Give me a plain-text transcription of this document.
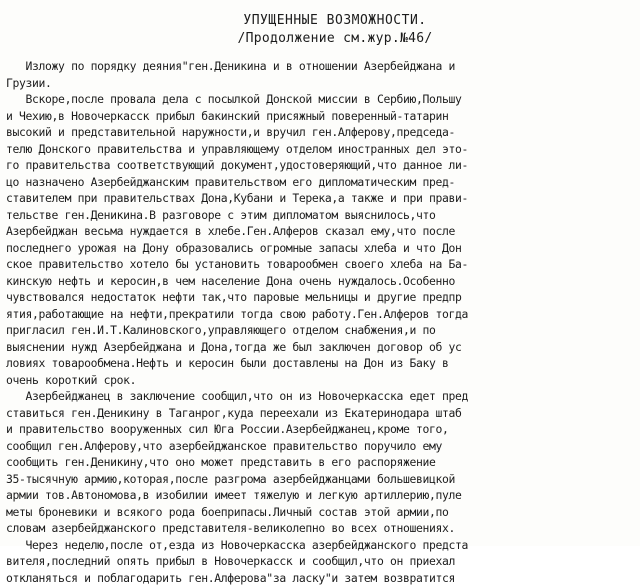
УПУЩЕННЫЕ ВОЗМОЖНОСТИ.
/Продолжение см.жур.№46/
Изложу по порядку деяния"ген.Деникина и в отношении Азербейджана и
Грузии.
Вскоре,после провала дела с посылкой Донской миссии в Сербию,Польшу
и Чехию,в Новочеркасск прибыл бакинский присяжный поверенный-татарин
высокий и представительной наружности,и вручил ген.Алферову,председа-
телю Донского правительства и управляющему отделом иностранных дел это-
го правительства соответствующий документ,удостоверяющий,что данное ли-
цо назначено Азербейджанским правительством его дипломатическим пред-
ставителем при правительствах Дона,Кубани и Терека,а также и при прави-
тельстве ген.Деникина.В разговоре с этим дипломатом выяснилось,что
Азербейджан весьма нуждается в хлебе.Ген.Алферов сказал ему,что после
последнего урожая на Дону образовались огромные запасы хлеба и что Дон
ское правительство хотело бы установить товарообмен своего хлеба на Ба-
кинскую нефть и керосин,в чем население Дона очень нуждалось.Особенно
чувствовался недостаток нефти так,что паровые мельницы и другие предпр
ятия,работающие на нефти,прекратили тогда свою работу.Ген.Алферов тогда
пригласил ген.И.Т.Калиновского,управляющего отделом снабжения,и по
выяснении нужд Азербейджана и Дона,тогда же был заключен договор об ус
ловиях товарообмена.Нефть и керосин были доставлены на Дон из Баку в
очень короткий срок.
Азербейджанец в заключение сообщил,что он из Новочеркасска едет пред
ставиться ген.Деникину в Таганрог,куда переехали из Екатеринодара штаб
и правительство вооруженных сил Юга России.Азербейджанец,кроме того,
сообщил ген.Алферову,что азербейджанское правительство поручило ему
сообщить ген.Деникину,что оно может представить в его распоряжение
35-тысячную армию,которая,после разгрома азербейджанцами большевицкой
армии тов.Автономова,в изобилии имеет тяжелую и легкую артиллерию,пуле
меты броневики и всякого рода боеприпасы.Личный состав этой армии,по
словам азербейджанского представителя-великолепно во всех отношениях.
Через неделю,после от,езда из Новочеркасска азербейджанского предста
вителя,последний опять прибыл в Новочеркасск и сообщил,что он приехал
откланяться и поблагодарить ген.Алферова"за ласку"и затем возвратится
